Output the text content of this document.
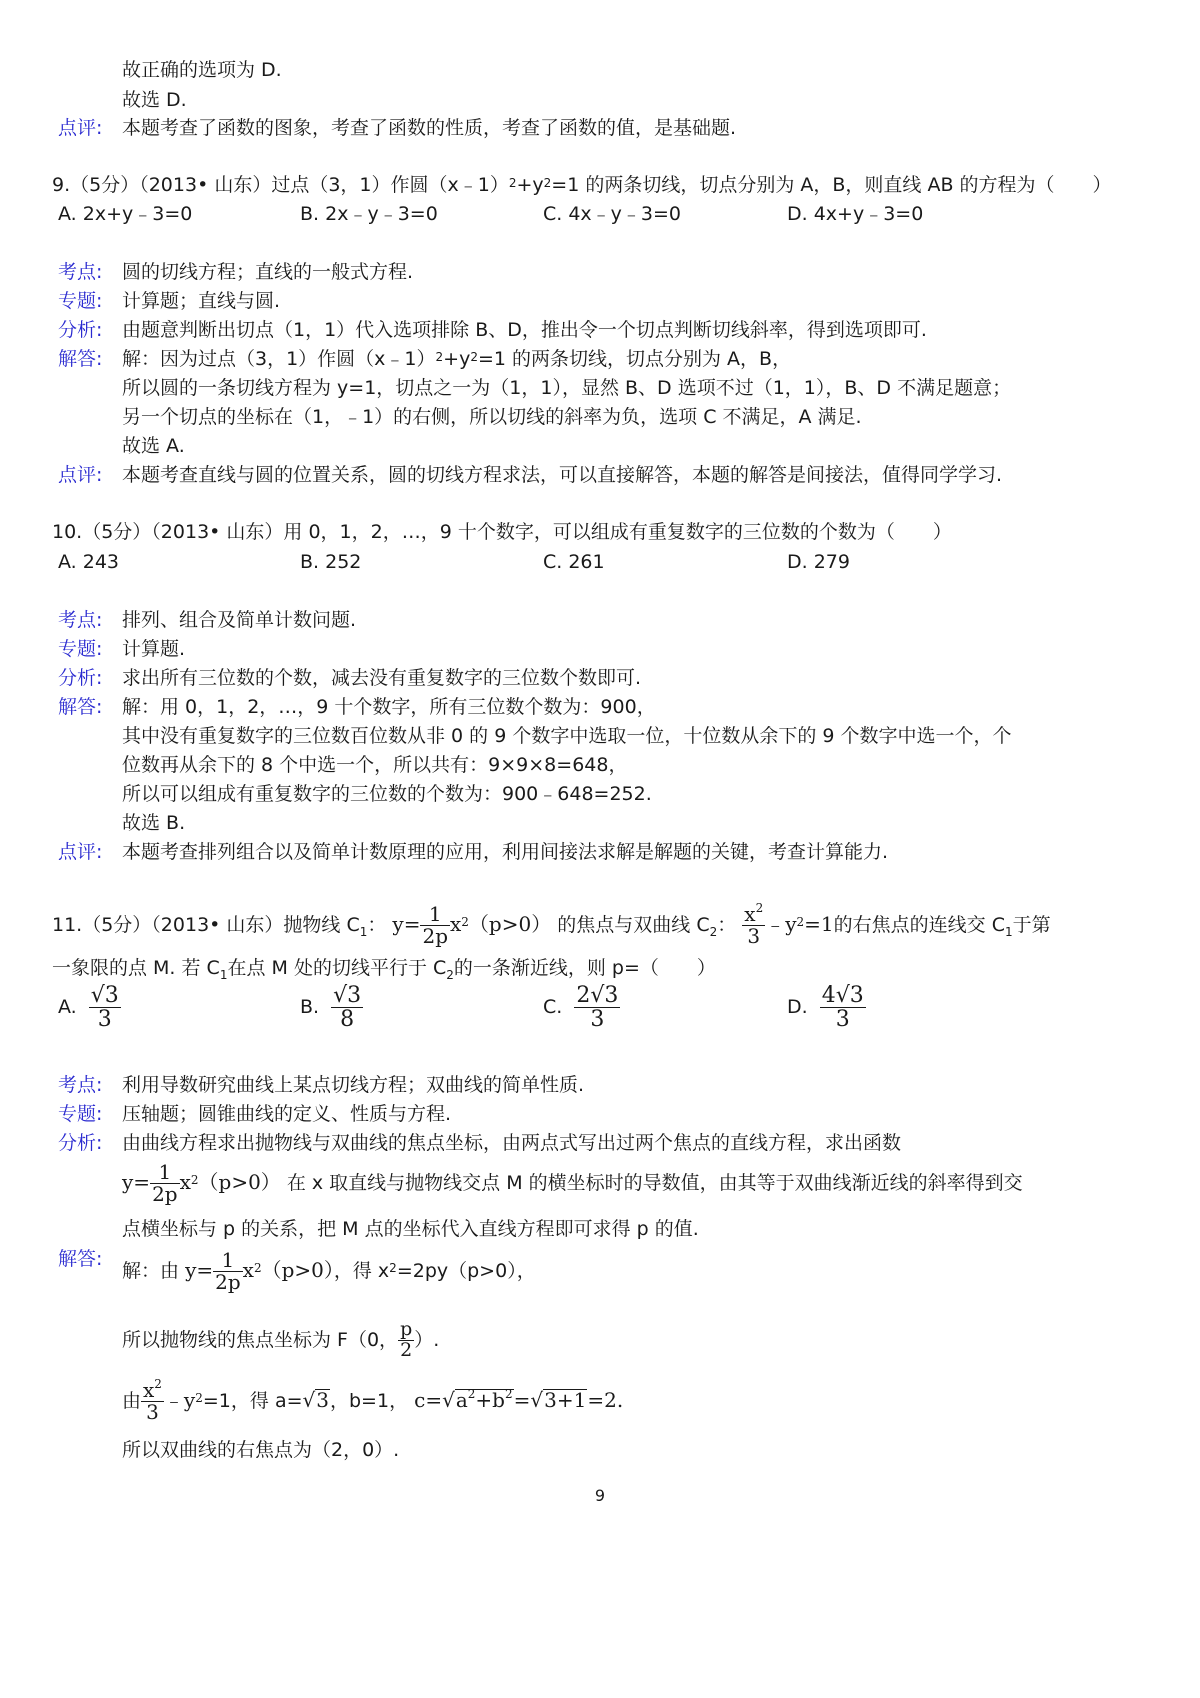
故正确的选项为 D.
故选 D.
点评: 本题考查了函数的图象，考查了函数的性质，考查了函数的值，是基础题.
9.（5分）（2013• 山东）过点（3，1）作圆$(x﹣1)^2+y^2=1$ 的两条切线，切点分别为 A，B，则直线 AB 的方程为（　　）
A. 2x+y﹣3=0	B. 2x﹣y﹣3=0	C. 4x﹣y﹣3=0	D. 4x+y﹣3=0
考点: 圆的切线方程；直线的一般式方程.
专题: 计算题；直线与圆.
分析: 由题意判断出切点（1，1）代入选项排除 B、D，推出令一个切点判断切线斜率，得到选项即可.
解答: 解：因为过点（3，1）作圆$(x﹣1)^2+y^2=1$ 的两条切线，切点分别为 A，B，
所以圆的一条切线方程为 y=1，切点之一为（1，1），显然 B、D 选项不过（1，1），B、D 不满足题意；
另一个切点的坐标在（1，﹣1）的右侧，所以切线的斜率为负，选项 C 不满足，A 满足.
故选 A.
点评: 本题考查直线与圆的位置关系，圆的切线方程求法，可以直接解答，本题的解答是间接法，值得同学学习.
10.（5分）（2013• 山东）用 0，1，2，…，9 十个数字，可以组成有重复数字的三位数的个数为（　　）
A. 243	B. 252	C. 261	D. 279
考点: 排列、组合及简单计数问题.
专题: 计算题.
分析: 求出所有三位数的个数，减去没有重复数字的三位数个数即可.
解答: 解：用 0，1，2，…，9 十个数字，所有三位数个数为：900，
其中没有重复数字的三位数百位数从非 0 的 9 个数字中选取一位，十位数从余下的 9 个数字中选一个，个
位数再从余下的 8 个中选一个，所以共有：9×9×8=648，
所以可以组成有重复数字的三位数的个数为：900﹣648=252.
故选 B.
点评: 本题考查排列组合以及简单计数原理的应用，利用间接法求解是解题的关键，考查计算能力.
11.（5分）（2013• 山东）抛物线 $C_1$： $y= \frac{1}{2p} x^2(p>0)$ 的焦点与双曲线 $C_2$： $\frac{x^2}{3}$ $﹣y^2=1$的右焦点的连线交 $C_1$于第
一象限的点 M. 若 $C_1$在点 M 处的切线平行于 $C_2$的一条渐近线，则 p=（　　）
A. $\frac{√3}{3}$	B. $\frac{√3}{8}$	C. $\frac{2√3}{3}$	D. $\frac{4√3}{3}$
考点: 利用导数研究曲线上某点切线方程；双曲线的简单性质.
专题: 压轴题；圆锥曲线的定义、性质与方程.
分析: 由曲线方程求出抛物线与双曲线的焦点坐标，由两点式写出过两个焦点的直线方程，求出函数
$y= \frac{1}{2p} x^2(p>0)$ 在 x 取直线与抛物线交点 M 的横坐标时的导数值，由其等于双曲线渐近线的斜率得到交
点横坐标与 p 的关系，把 M 点的坐标代入直线方程即可求得 p 的值.
解答:
解：由 $y= \frac{1}{2p} x^2(p>0)$，得 $x^2=2py(p>0)$，
所以抛物线的焦点坐标为 F（0， $\frac{p}{2}$ ）.
由 $\frac{x^2}{3}$ $﹣y^2=1$，得 a=√3，b=1， $c=√a^2+b^2=√3+1=2$.
所以双曲线的右焦点为（2，0）.
9
